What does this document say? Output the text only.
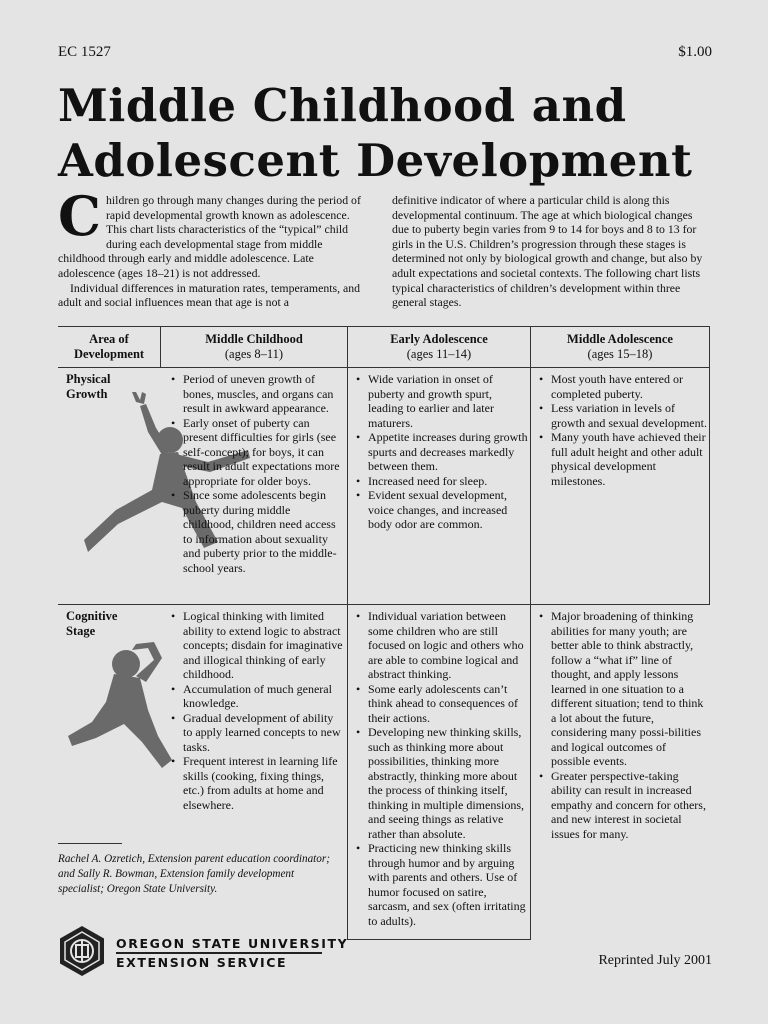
EC 1527	$1.00
Middle Childhood and
Adolescent Development

Children go through many changes during the period of rapid developmental growth known as adolescence. This chart lists characteristics of the “typical” child during each developmental stage from middle childhood through early and middle adolescence. Late adolescence (ages 18–21) is not addressed.

Individual differences in maturation rates, temperaments, and adult and social influences mean that age is not a

definitive indicator of where a particular child is along this developmental continuum. The age at which biological changes due to puberty begin varies from 9 to 14 for boys and 8 to 13 for girls in the U.S. Children’s progression through these stages is determined not only by biological growth and change, but also by adult expectations and societal contexts. The following chart lists typical characteristics of children’s development within three general stages.

Area of
Development
Middle Childhood
(ages 8–11)
Early Adolescence
(ages 11–14)
Middle Adolescence
(ages 15–18)
Physical
Growth
• Period of uneven growth of bones, muscles, and organs can result in awkward appearance.
• Early onset of puberty can present difficulties for girls (see self-concept); for boys, it can result in adult expectations more appropriate for older boys.
• Since some adolescents begin puberty during middle childhood, children need access to information about sexuality and puberty prior to the middle-school years.
• Wide variation in onset of puberty and growth spurt, leading to earlier and later maturers.
• Appetite increases during growth spurts and decreases markedly between them.
• Increased need for sleep.
• Evident sexual development, voice changes, and increased body odor are common.
• Most youth have entered or completed puberty.
• Less variation in levels of growth and sexual development.
• Many youth have achieved their full adult height and other adult physical development milestones.
Cognitive
Stage
• Logical thinking with limited ability to extend logic to abstract concepts; disdain for imaginative and illogical thinking of early childhood.
• Accumulation of much general knowledge.
• Gradual development of ability to apply learned concepts to new tasks.
• Frequent interest in learning life skills (cooking, fixing things, etc.) from adults at home and elsewhere.
• Individual variation between some children who are still focused on logic and others who are able to combine logical and abstract thinking.
• Some early adolescents can’t think ahead to consequences of their actions.
• Developing new thinking skills, such as thinking more about possibilities, thinking more abstractly, thinking more about the process of thinking itself, thinking in multiple dimensions, and seeing things as relative rather than absolute.
• Practicing new thinking skills through humor and by arguing with parents and others. Use of humor focused on satire, sarcasm, and sex (often irritating to adults).
• Major broadening of thinking abilities for many youth; are better able to think abstractly, follow a “what if” line of thought, and apply lessons learned in one situation to a different situation; tend to think a lot about the future, considering many possi-bilities and logical outcomes of possible events.
• Greater perspective-taking ability can result in increased empathy and concern for others, and new interest in societal issues for many.
Rachel A. Ozretich, Extension parent education coordinator; and Sally R. Bowman, Extension family development specialist; Oregon State University.
OREGON STATE UNIVERSITY
EXTENSION SERVICE	Reprinted July 2001
